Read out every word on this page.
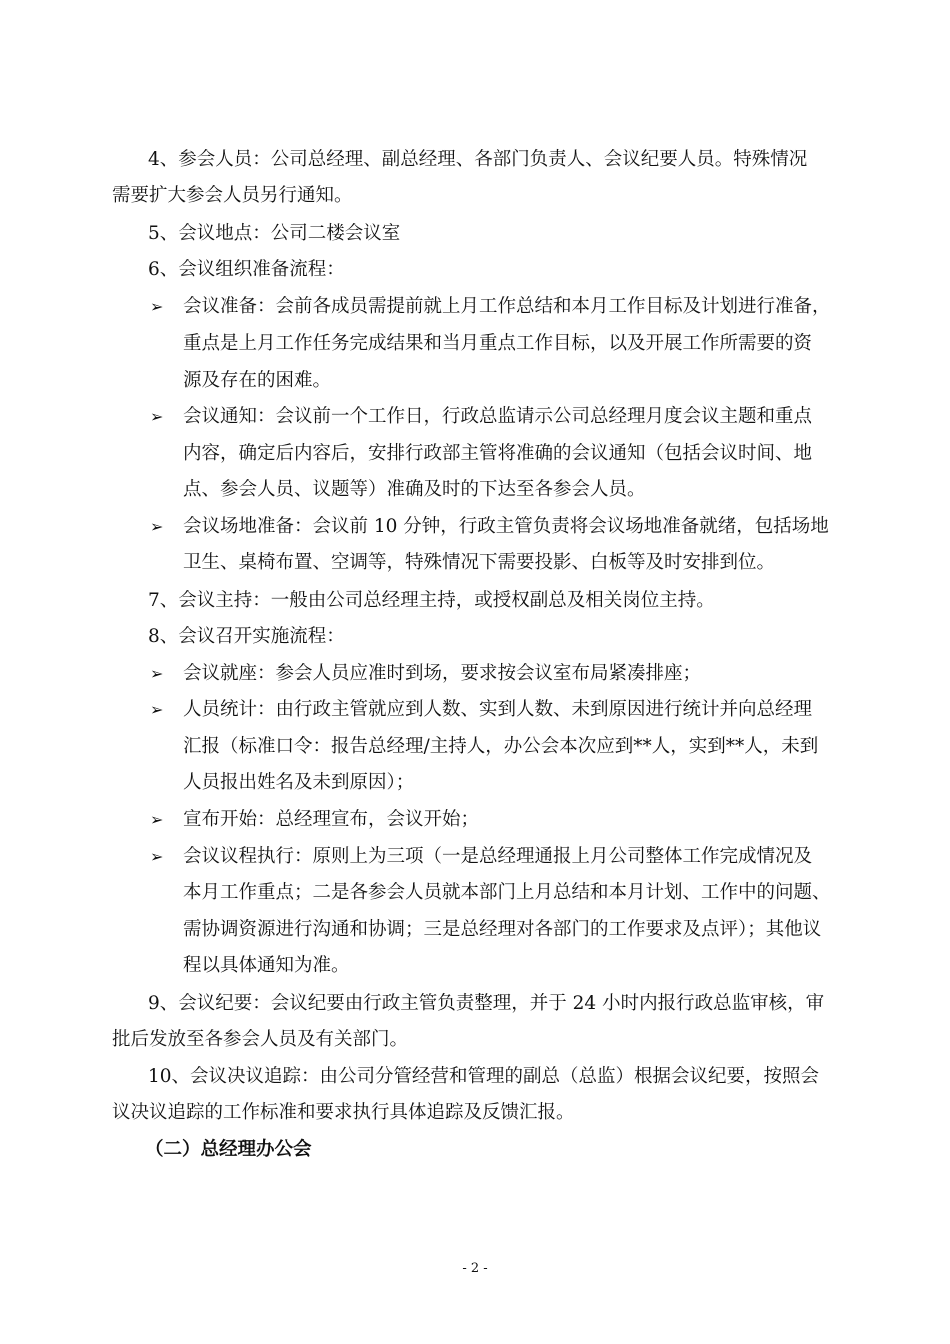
4、参会人员：公司总经理、副总经理、各部门负责人、会议纪要人员。特殊情况
需要扩大参会人员另行通知。
5、会议地点：公司二楼会议室
6、会议组织准备流程：
➢ 会议准备：会前各成员需提前就上月工作总结和本月工作目标及计划进行准备，
重点是上月工作任务完成结果和当月重点工作目标，以及开展工作所需要的资
源及存在的困难。
➢ 会议通知：会议前一个工作日，行政总监请示公司总经理月度会议主题和重点
内容，确定后内容后，安排行政部主管将准确的会议通知（包括会议时间、地
点、参会人员、议题等）准确及时的下达至各参会人员。
➢ 会议场地准备：会议前 10 分钟，行政主管负责将会议场地准备就绪，包括场地
卫生、桌椅布置、空调等，特殊情况下需要投影、白板等及时安排到位。
7、会议主持：一般由公司总经理主持，或授权副总及相关岗位主持。
8、会议召开实施流程：
➢ 会议就座：参会人员应准时到场，要求按会议室布局紧凑排座；
➢ 人员统计：由行政主管就应到人数、实到人数、未到原因进行统计并向总经理
汇报（标准口令：报告总经理/主持人，办公会本次应到**人，实到**人，未到
人员报出姓名及未到原因）；
➢ 宣布开始：总经理宣布，会议开始；
➢ 会议议程执行：原则上为三项（一是总经理通报上月公司整体工作完成情况及
本月工作重点；二是各参会人员就本部门上月总结和本月计划、工作中的问题、
需协调资源进行沟通和协调；三是总经理对各部门的工作要求及点评）；其他议
程以具体通知为准。
9、会议纪要：会议纪要由行政主管负责整理，并于 24 小时内报行政总监审核，审
批后发放至各参会人员及有关部门。
10、会议决议追踪：由公司分管经营和管理的副总（总监）根据会议纪要，按照会
议决议追踪的工作标准和要求执行具体追踪及反馈汇报。
（二）总经理办公会
- 2 -
